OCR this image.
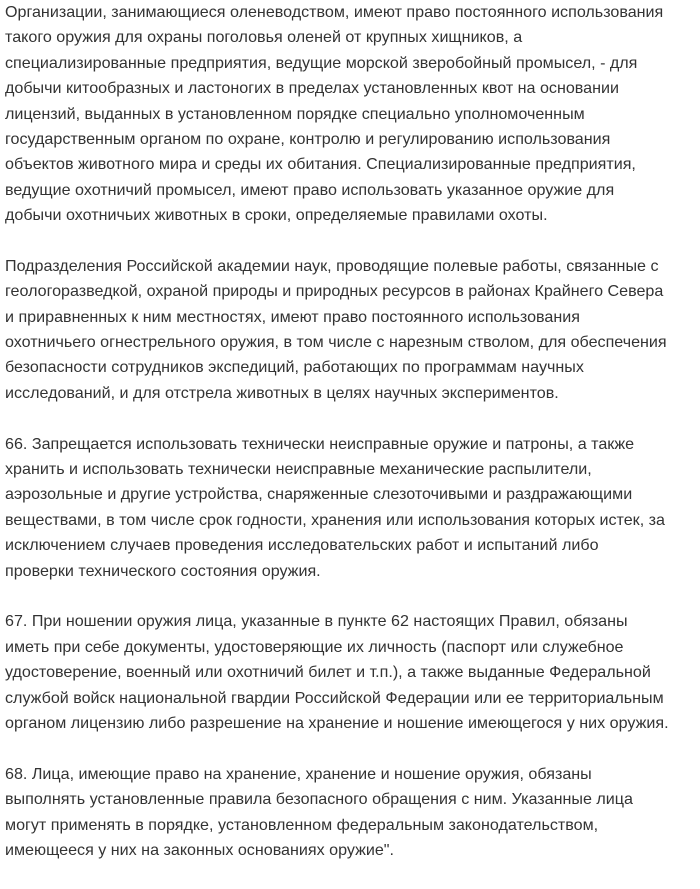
Организации, занимающиеся оленеводством, имеют право постоянного использования
такого оружия для охраны поголовья оленей от крупных хищников, а
специализированные предприятия, ведущие морской зверобойный промысел, - для
добычи китообразных и ластоногих в пределах установленных квот на основании
лицензий, выданных в установленном порядке специально уполномоченным
государственным органом по охране, контролю и регулированию использования
объектов животного мира и среды их обитания. Специализированные предприятия,
ведущие охотничий промысел, имеют право использовать указанное оружие для
добычи охотничьих животных в сроки, определяемые правилами охоты.

Подразделения Российской академии наук, проводящие полевые работы, связанные с
геологоразведкой, охраной природы и природных ресурсов в районах Крайнего Севера
и приравненных к ним местностях, имеют право постоянного использования
охотничьего огнестрельного оружия, в том числе с нарезным стволом, для обеспечения
безопасности сотрудников экспедиций, работающих по программам научных
исследований, и для отстрела животных в целях научных экспериментов.

66. Запрещается использовать технически неисправные оружие и патроны, а также
хранить и использовать технически неисправные механические распылители,
аэрозольные и другие устройства, снаряженные слезоточивыми и раздражающими
веществами, в том числе срок годности, хранения или использования которых истек, за
исключением случаев проведения исследовательских работ и испытаний либо
проверки технического состояния оружия.

67. При ношении оружия лица, указанные в пункте 62 настоящих Правил, обязаны
иметь при себе документы, удостоверяющие их личность (паспорт или служебное
удостоверение, военный или охотничий билет и т.п.), а также выданные Федеральной
службой войск национальной гвардии Российской Федерации или ее территориальным
органом лицензию либо разрешение на хранение и ношение имеющегося у них оружия.

68. Лица, имеющие право на хранение, хранение и ношение оружия, обязаны
выполнять установленные правила безопасного обращения с ним. Указанные лица
могут применять в порядке, установленном федеральным законодательством,
имеющееся у них на законных основаниях оружие".
